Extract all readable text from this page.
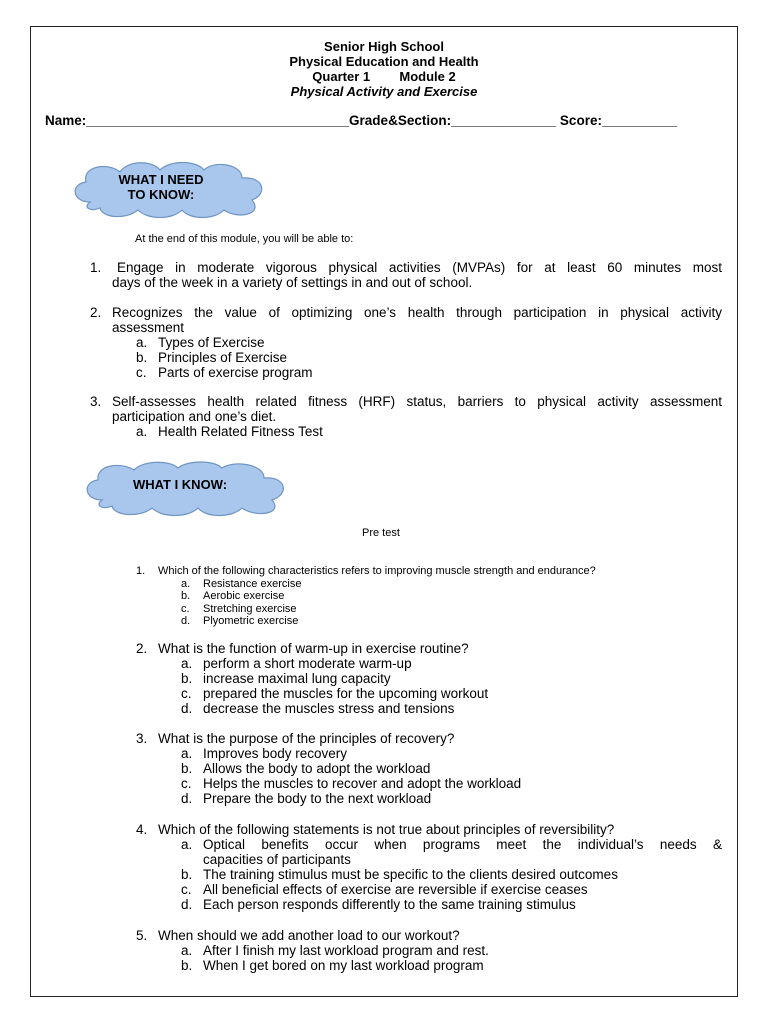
Senior High School
Physical Education and Health
Quarter 1 Module 2
Physical Activity and Exercise
Name:___________________________________Grade&Section:______________ Score:__________
WHAT I NEED
TO KNOW:
At the end of this module, you will be able to:
1. Engage in moderate vigorous physical activities (MVPAs) for at least 60 minutes most
days of the week in a variety of settings in and out of school.
2. Recognizes the value of optimizing one’s health through participation in physical activity
assessment
a. Types of Exercise
b. Principles of Exercise
c. Parts of exercise program
3. Self-assesses health related fitness (HRF) status, barriers to physical activity assessment
participation and one’s diet.
a. Health Related Fitness Test
WHAT I KNOW:
Pre test
1. Which of the following characteristics refers to improving muscle strength and endurance?
a. Resistance exercise
b. Aerobic exercise
c. Stretching exercise
d. Plyometric exercise
2. What is the function of warm-up in exercise routine?
a. perform a short moderate warm-up
b. increase maximal lung capacity
c. prepared the muscles for the upcoming workout
d. decrease the muscles stress and tensions
3. What is the purpose of the principles of recovery?
a. Improves body recovery
b. Allows the body to adopt the workload
c. Helps the muscles to recover and adopt the workload
d. Prepare the body to the next workload
4. Which of the following statements is not true about principles of reversibility?
a. Optical benefits occur when programs meet the individual’s needs &
capacities of participants
b. The training stimulus must be specific to the clients desired outcomes
c. All beneficial effects of exercise are reversible if exercise ceases
d. Each person responds differently to the same training stimulus
5. When should we add another load to our workout?
a. After I finish my last workload program and rest.
b. When I get bored on my last workload program
